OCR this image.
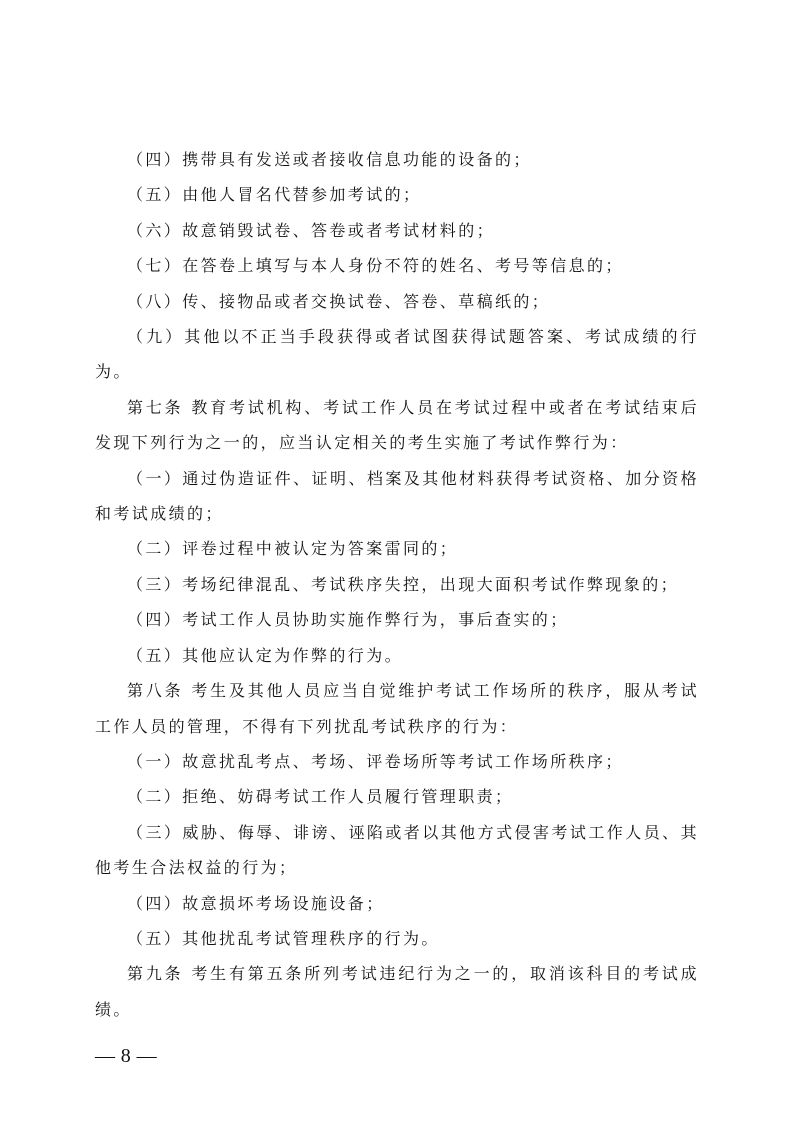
（四）携带具有发送或者接收信息功能的设备的；

（五）由他人冒名代替参加考试的；

（六）故意销毁试卷、答卷或者考试材料的；

（七）在答卷上填写与本人身份不符的姓名、考号等信息的；

（八）传、接物品或者交换试卷、答卷、草稿纸的；

（九）其他以不正当手段获得或者试图获得试题答案、考试成绩的行为。

第七条 教育考试机构、考试工作人员在考试过程中或者在考试结束后发现下列行为之一的，应当认定相关的考生实施了考试作弊行为：

（一）通过伪造证件、证明、档案及其他材料获得考试资格、加分资格和考试成绩的；

（二）评卷过程中被认定为答案雷同的；

（三）考场纪律混乱、考试秩序失控，出现大面积考试作弊现象的；

（四）考试工作人员协助实施作弊行为，事后查实的；

（五）其他应认定为作弊的行为。

第八条 考生及其他人员应当自觉维护考试工作场所的秩序，服从考试工作人员的管理，不得有下列扰乱考试秩序的行为：

（一）故意扰乱考点、考场、评卷场所等考试工作场所秩序；

（二）拒绝、妨碍考试工作人员履行管理职责；

（三）威胁、侮辱、诽谤、诬陷或者以其他方式侵害考试工作人员、其他考生合法权益的行为；

（四）故意损坏考场设施设备；

（五）其他扰乱考试管理秩序的行为。

第九条 考生有第五条所列考试违纪行为之一的，取消该科目的考试成绩。

— 8 —
